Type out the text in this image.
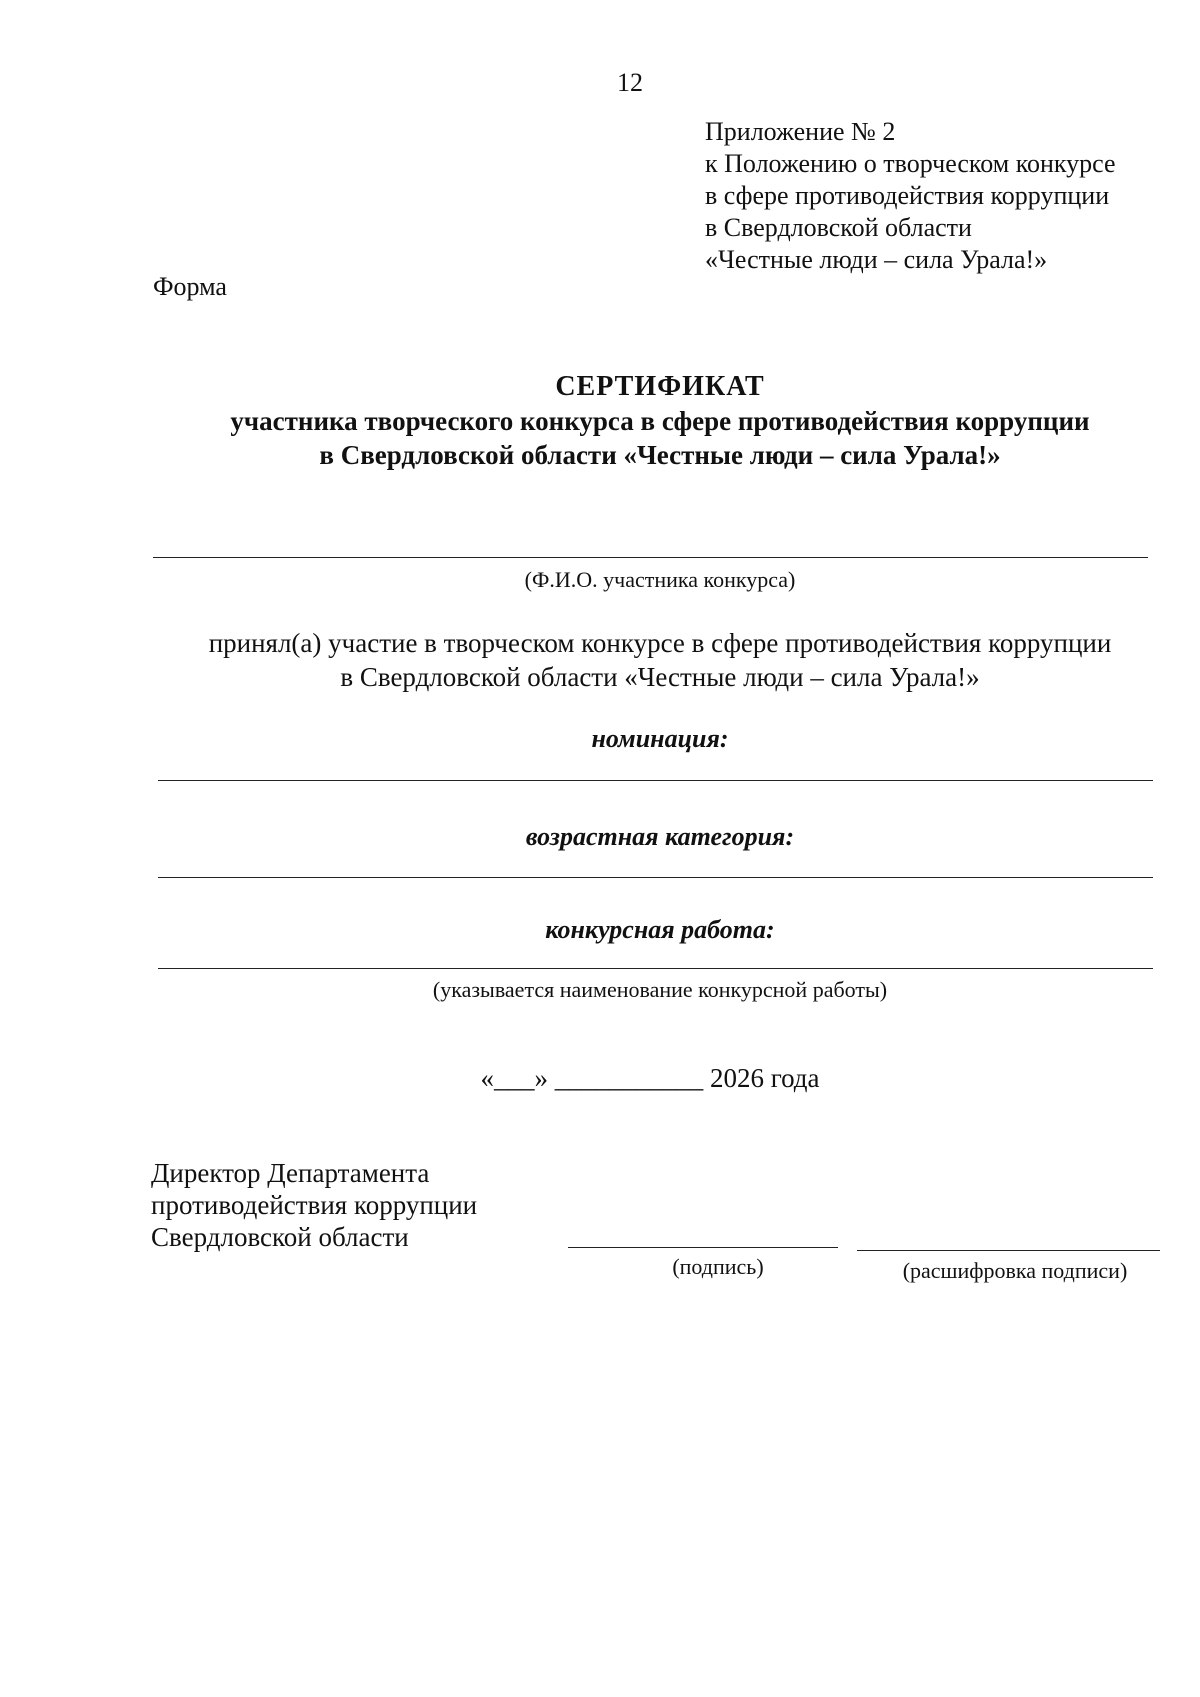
12
Приложение № 2
к Положению о творческом конкурсе
в сфере противодействия коррупции
в Свердловской области
«Честные люди – сила Урала!»
Форма
СЕРТИФИКАТ
участника творческого конкурса в сфере противодействия коррупции
в Свердловской области «Честные люди – сила Урала!»
(Ф.И.О. участника конкурса)
принял(а) участие в творческом конкурсе в сфере противодействия коррупции
в Свердловской области «Честные люди – сила Урала!»
номинация:
возрастная категория:
конкурсная работа:
(указывается наименование конкурсной работы)
«___» ___________ 2026 года
Директор Департамента
противодействия коррупции
Свердловской области
(подпись)	(расшифровка подписи)
